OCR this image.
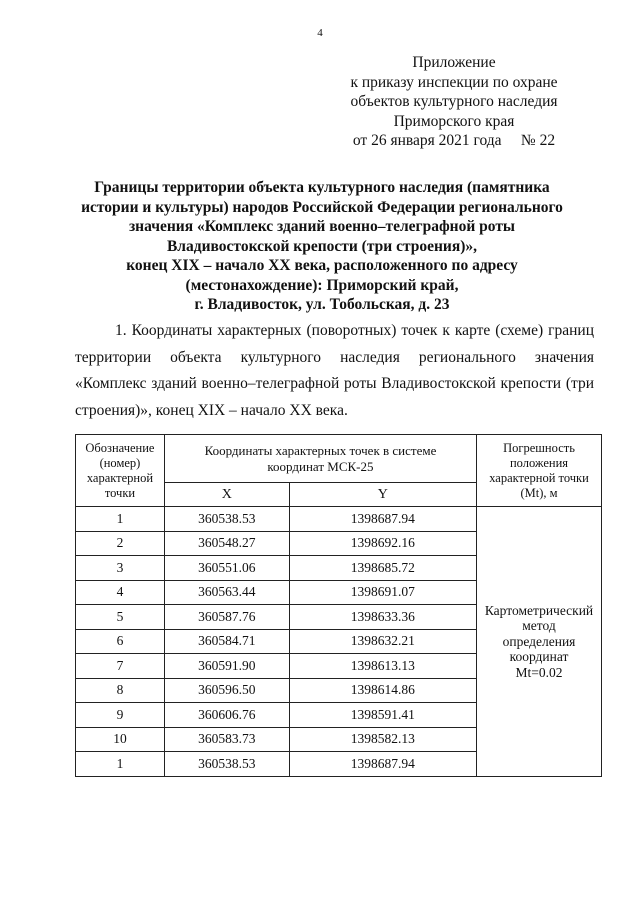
4
Приложение
к приказу инспекции по охране
объектов культурного наследия
Приморского края
от 26 января 2021 года     № 22
Границы территории объекта культурного наследия (памятника
истории и культуры) народов Российской Федерации регионального
значения «Комплекс зданий военно–телеграфной роты
Владивостокской крепости (три строения)»,
конец XIX – начало XX века, расположенного по адресу
(местонахождение): Приморский край,
г. Владивосток, ул. Тобольская, д. 23
1. Координаты характерных (поворотных) точек к карте (схеме) границ
территории объекта культурного наследия регионального значения
«Комплекс зданий военно–телеграфной роты Владивостокской крепости (три
строения)», конец XIX – начало XX века.
Обозначение
(номер)
характерной
точки	Координаты характерных точек в системе
координат МСК-25		Погрешность
положения
характерной точки
(Mt), м

	X	Y	
1	360538.53	1398687.94	Картометрический
метод
определения
координат
Mt=0.02

2	360548.27	1398692.16	
3	360551.06	1398685.72	
4	360563.44	1398691.07	
5	360587.76	1398633.36	
6	360584.71	1398632.21	
7	360591.90	1398613.13	
8	360596.50	1398614.86	
9	360606.76	1398591.41	
10	360583.73	1398582.13	
1	360538.53	1398687.94	
